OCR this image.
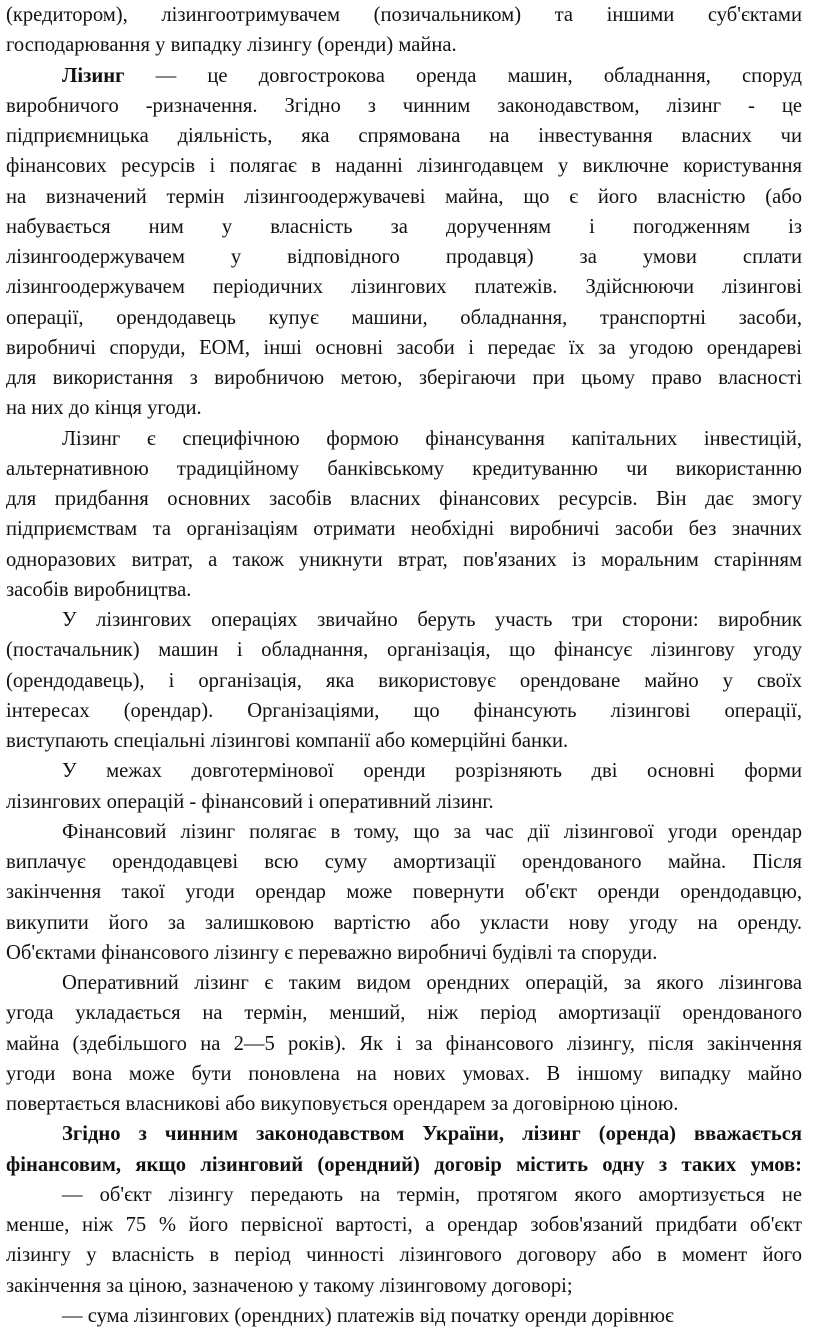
(кредитором), лізингоотримувачем (позичальником) та іншими суб'єктами
господарювання у випадку лізингу (оренди) майна.
Лізинг — це довгострокова оренда машин, обладнання, споруд
виробничого -ризначення. Згідно з чинним законодавством, лізинг - це
підприємницька діяльність, яка спрямована на інвестування власних чи
фінансових ресурсів і полягає в наданні лізингодавцем у виключне користування
на визначений термін лізингоодержувачеві майна, що є його власністю (або
набувається ним у власність за дорученням і погодженням із
лізингоодержувачем у відповідного продавця) за умови сплати
лізингоодержувачем періодичних лізингових платежів. Здійснюючи лізингові
операції, орендодавець купує машини, обладнання, транспортні засоби,
виробничі споруди, ЕОМ, інші основні засоби і передає їх за угодою орендареві
для використання з виробничою метою, зберігаючи при цьому право власності
на них до кінця угоди.
Лізинг є специфічною формою фінансування капітальних інвестицій,
альтернативною традиційному банківському кредитуванню чи використанню
для придбання основних засобів власних фінансових ресурсів. Він дає змогу
підприємствам та організаціям отримати необхідні виробничі засоби без значних
одноразових витрат, а також уникнути втрат, пов'язаних із моральним старінням
засобів виробництва.
У лізингових операціях звичайно беруть участь три сторони: виробник
(постачальник) машин і обладнання, організація, що фінансує лізингову угоду
(орендодавець), і організація, яка використовує орендоване майно у своїх
інтересах (орендар). Організаціями, що фінансують лізингові операції,
виступають спеціальні лізингові компанії або комерційні банки.
У межах довготермінової оренди розрізняють дві основні форми
лізингових операцій - фінансовий і оперативний лізинг.
Фінансовий лізинг полягає в тому, що за час дії лізингової угоди орендар
виплачує орендодавцеві всю суму амортизації орендованого майна. Після
закінчення такої угоди орендар може повернути об'єкт оренди орендодавцю,
викупити його за залишковою вартістю або укласти нову угоду на оренду.
Об'єктами фінансового лізингу є переважно виробничі будівлі та споруди.
Оперативний лізинг є таким видом орендних операцій, за якого лізингова
угода укладається на термін, менший, ніж період амортизації орендованого
майна (здебільшого на 2—5 років). Як і за фінансового лізингу, після закінчення
угоди вона може бути поновлена на нових умовах. В іншому випадку майно
повертається власникові або викуповується орендарем за договірною ціною.
Згідно з чинним законодавством України, лізинг (оренда) вважається
фінансовим, якщо лізинговий (орендний) договір містить одну з таких умов:
— об'єкт лізингу передають на термін, протягом якого амортизується не
менше, ніж 75 % його первісної вартості, а орендар зобов'язаний придбати об'єкт
лізингу у власність в період чинності лізингового договору або в момент його
закінчення за ціною, зазначеною у такому лізинговому договорі;
— сума лізингових (орендних) платежів від початку оренди дорівнює
